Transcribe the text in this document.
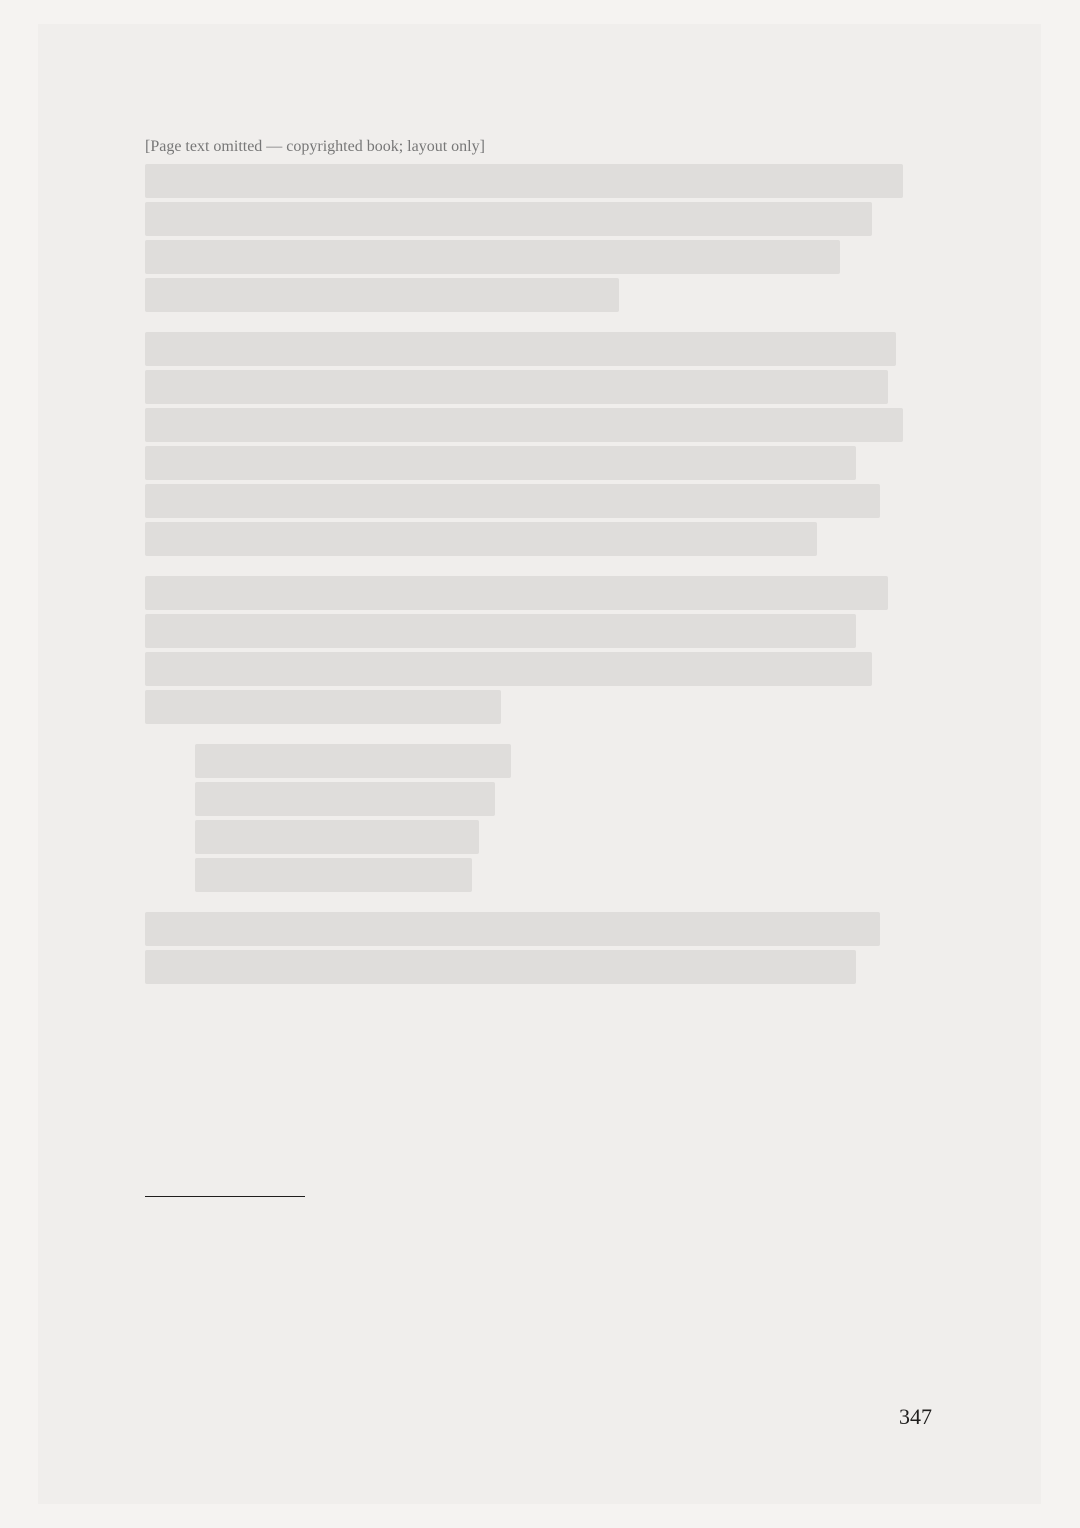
[Page text omitted — copyrighted book; layout only]
347
